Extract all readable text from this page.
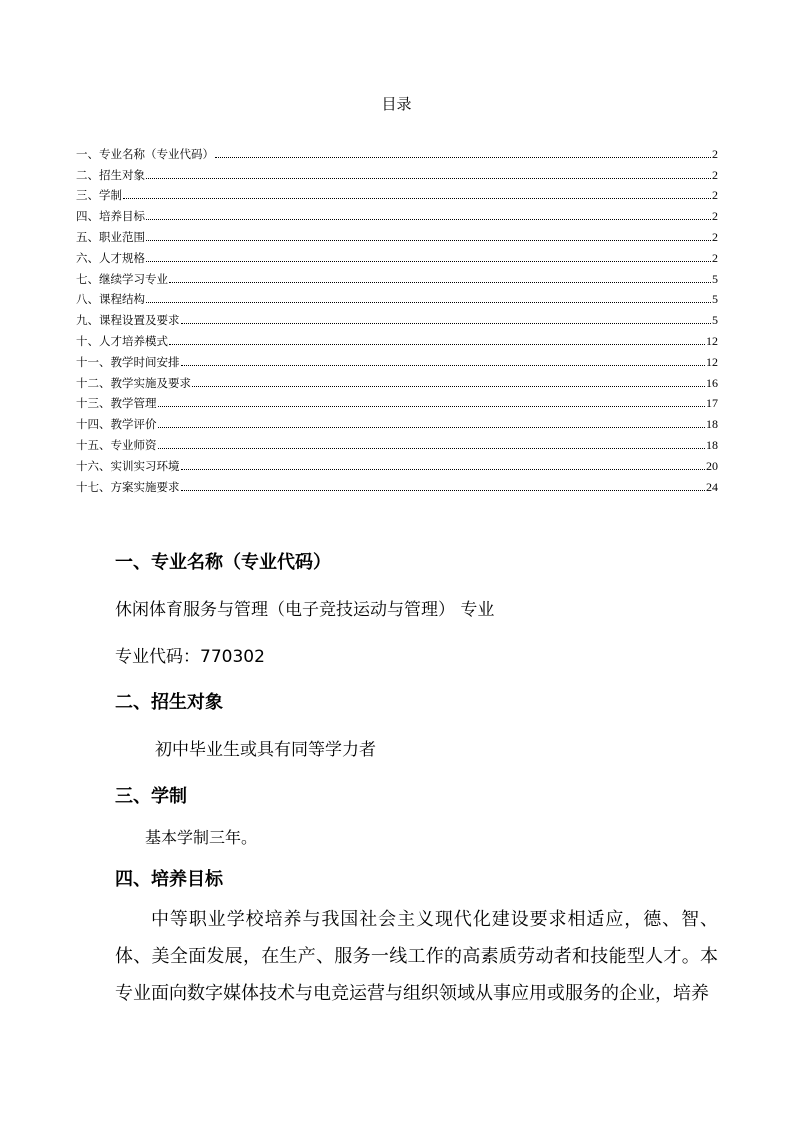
目录
一、专业名称（专业代码）	2
二、招生对象	2
三、学制	2
四、培养目标	2
五、职业范围	2
六、人才规格	2
七、继续学习专业	5
八、课程结构	5
九、课程设置及要求	5
十、人才培养模式	12
十一、教学时间安排	12
十二、教学实施及要求	16
十三、教学管理	17
十四、教学评价	18
十五、专业师资	18
十六、实训实习环境	20
十七、方案实施要求	24
一、专业名称（专业代码）
休闲体育服务与管理（电子竞技运动与管理） 专业
专业代码：770302
二、招生对象
初中毕业生或具有同等学力者
三、学制
基本学制三年。
四、培养目标
中等职业学校培养与我国社会主义现代化建设要求相适应，德、智、体、美全面发展，在生产、服务一线工作的高素质劳动者和技能型人才。本专业面向数字媒体技术与电竞运营与组织领域从事应用或服务的企业，培养
